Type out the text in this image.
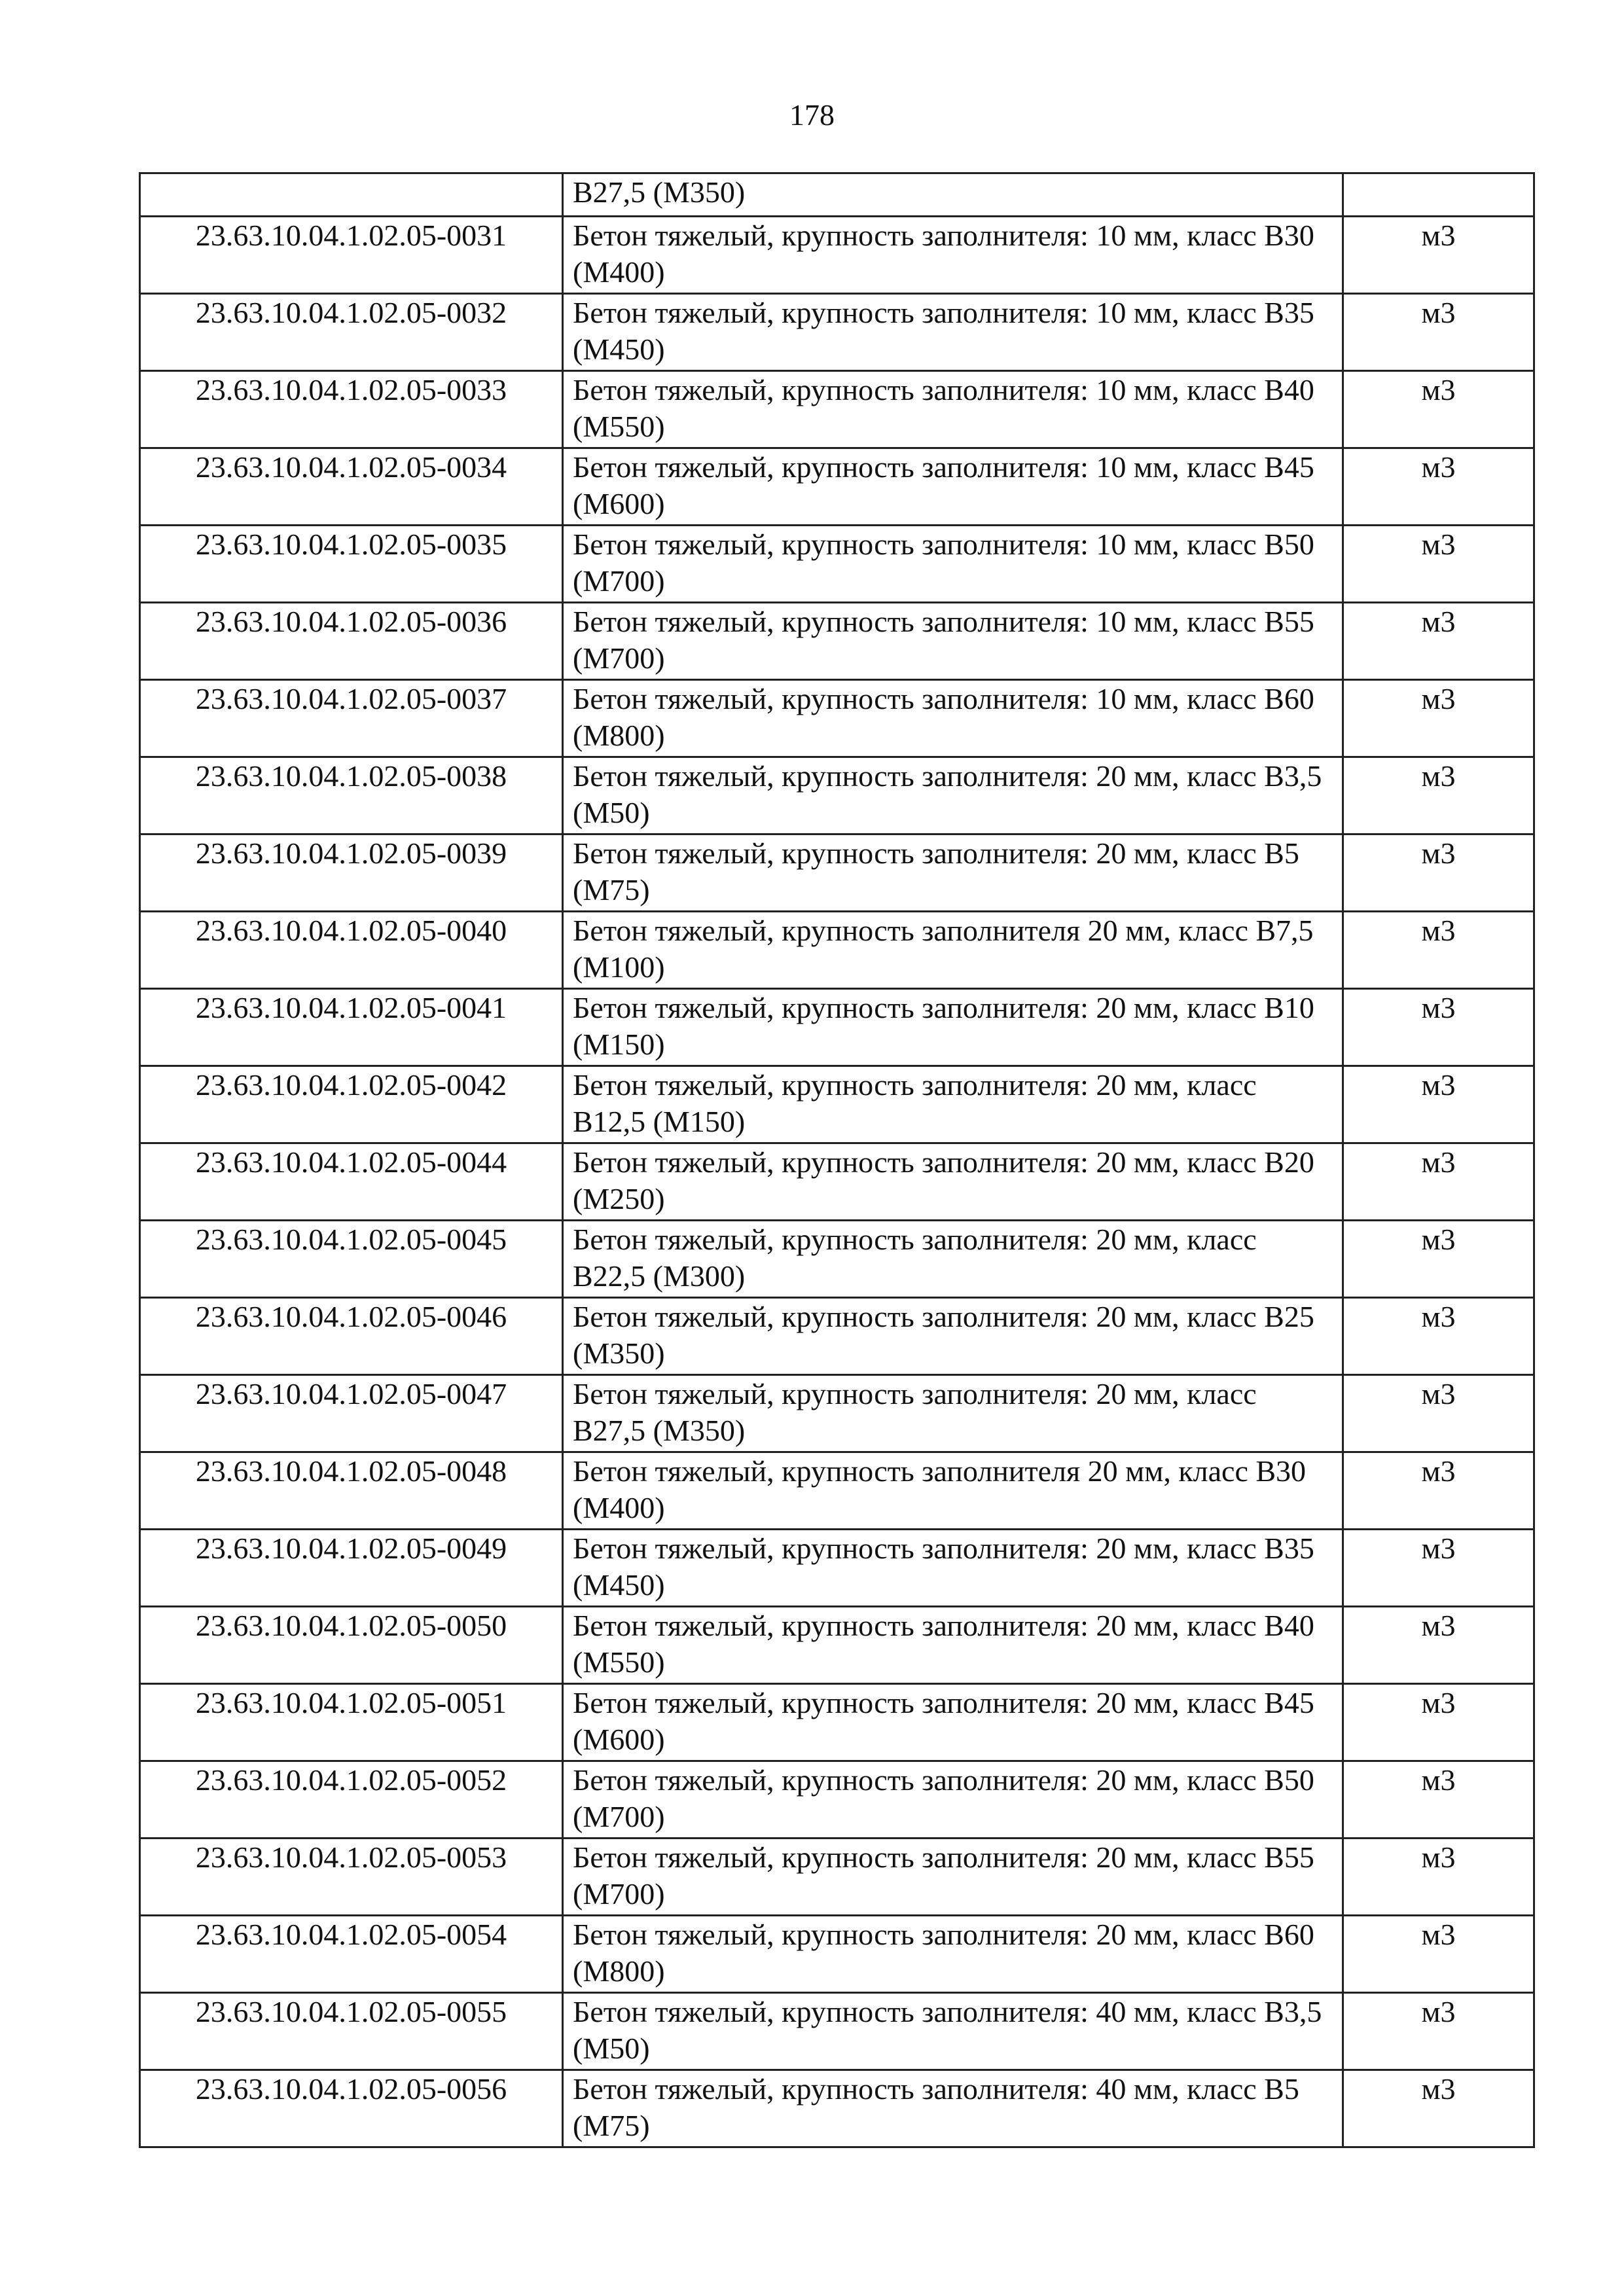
178
	В27,5 (М350)	
23.63.10.04.1.02.05-0031	Бетон тяжелый, крупность заполнителя: 10 мм, класс В30 (М400)	м3
23.63.10.04.1.02.05-0032	Бетон тяжелый, крупность заполнителя: 10 мм, класс В35 (М450)	м3
23.63.10.04.1.02.05-0033	Бетон тяжелый, крупность заполнителя: 10 мм, класс В40 (М550)	м3
23.63.10.04.1.02.05-0034	Бетон тяжелый, крупность заполнителя: 10 мм, класс В45 (М600)	м3
23.63.10.04.1.02.05-0035	Бетон тяжелый, крупность заполнителя: 10 мм, класс В50 (М700)	м3
23.63.10.04.1.02.05-0036	Бетон тяжелый, крупность заполнителя: 10 мм, класс В55 (М700)	м3
23.63.10.04.1.02.05-0037	Бетон тяжелый, крупность заполнителя: 10 мм, класс В60 (М800)	м3
23.63.10.04.1.02.05-0038	Бетон тяжелый, крупность заполнителя: 20 мм, класс В3,5 (М50)	м3
23.63.10.04.1.02.05-0039	Бетон тяжелый, крупность заполнителя: 20 мм, класс В5 (М75)	м3
23.63.10.04.1.02.05-0040	Бетон тяжелый, крупность заполнителя 20 мм, класс В7,5 (М100)	м3
23.63.10.04.1.02.05-0041	Бетон тяжелый, крупность заполнителя: 20 мм, класс В10 (М150)	м3
23.63.10.04.1.02.05-0042	Бетон тяжелый, крупность заполнителя: 20 мм, класс В12,5 (М150)	м3
23.63.10.04.1.02.05-0044	Бетон тяжелый, крупность заполнителя: 20 мм, класс В20 (М250)	м3
23.63.10.04.1.02.05-0045	Бетон тяжелый, крупность заполнителя: 20 мм, класс В22,5 (М300)	м3
23.63.10.04.1.02.05-0046	Бетон тяжелый, крупность заполнителя: 20 мм, класс В25 (М350)	м3
23.63.10.04.1.02.05-0047	Бетон тяжелый, крупность заполнителя: 20 мм, класс В27,5 (М350)	м3
23.63.10.04.1.02.05-0048	Бетон тяжелый, крупность заполнителя 20 мм, класс В30 (М400)	м3
23.63.10.04.1.02.05-0049	Бетон тяжелый, крупность заполнителя: 20 мм, класс В35 (М450)	м3
23.63.10.04.1.02.05-0050	Бетон тяжелый, крупность заполнителя: 20 мм, класс В40 (М550)	м3
23.63.10.04.1.02.05-0051	Бетон тяжелый, крупность заполнителя: 20 мм, класс В45 (М600)	м3
23.63.10.04.1.02.05-0052	Бетон тяжелый, крупность заполнителя: 20 мм, класс В50 (М700)	м3
23.63.10.04.1.02.05-0053	Бетон тяжелый, крупность заполнителя: 20 мм, класс В55 (М700)	м3
23.63.10.04.1.02.05-0054	Бетон тяжелый, крупность заполнителя: 20 мм, класс В60 (М800)	м3
23.63.10.04.1.02.05-0055	Бетон тяжелый, крупность заполнителя: 40 мм, класс В3,5 (М50)	м3
23.63.10.04.1.02.05-0056	Бетон тяжелый, крупность заполнителя: 40 мм, класс В5 (М75)	м3
